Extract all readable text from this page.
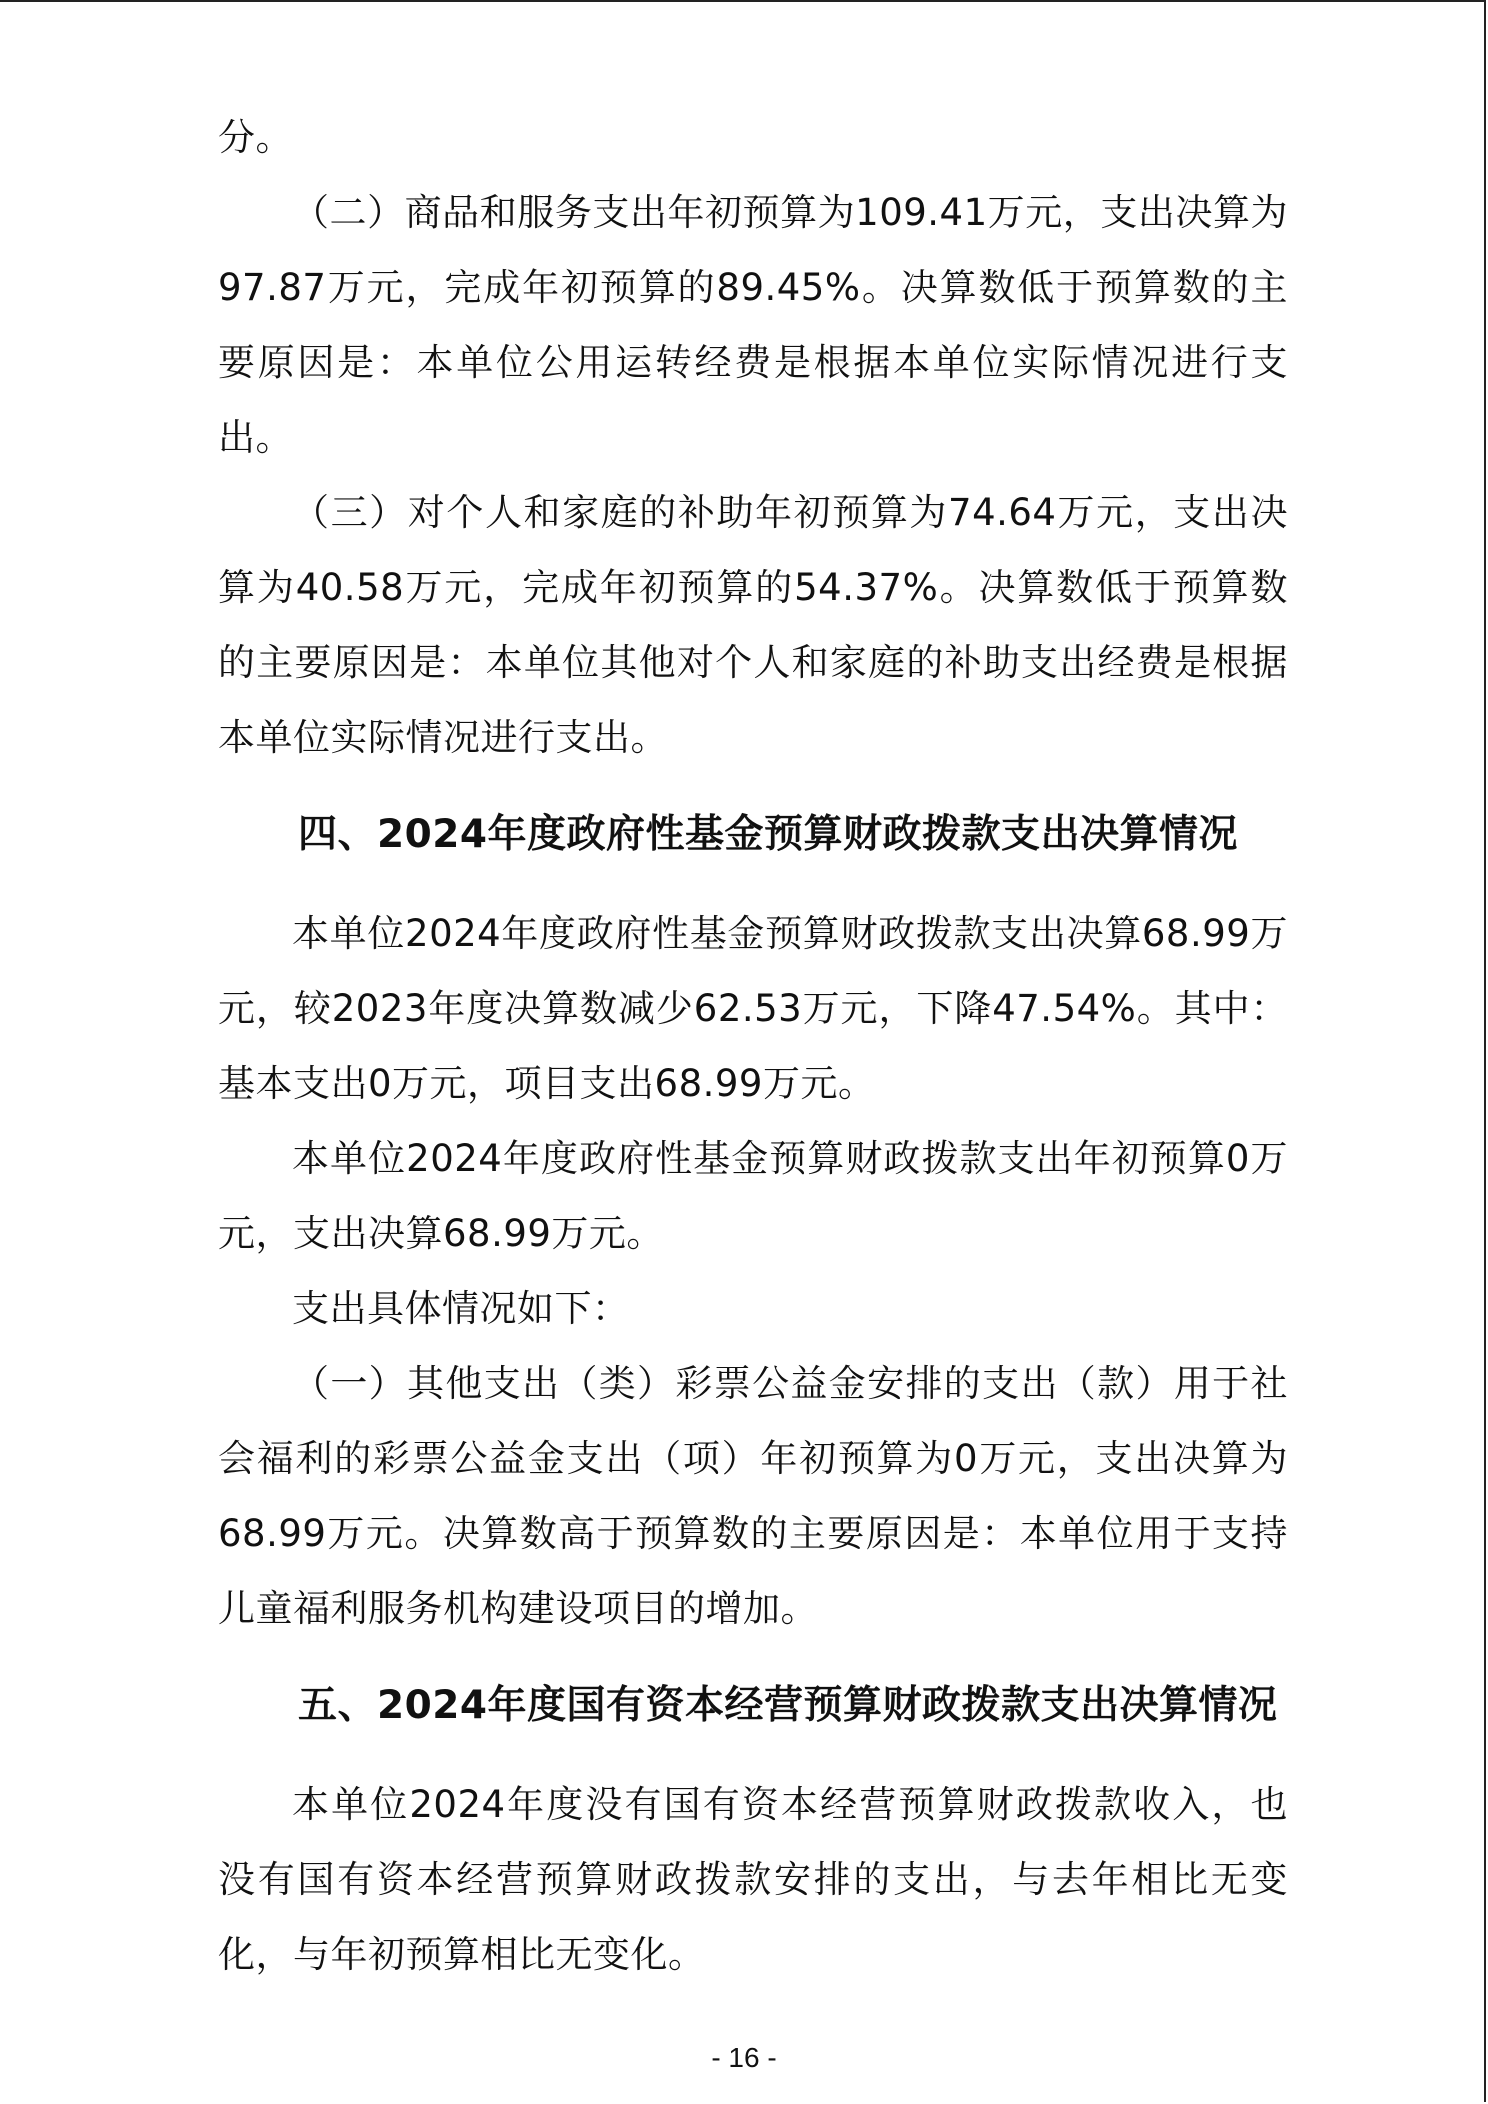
分。

（二）商品和服务支出年初预算为109.41万元，支出决算为97.87万元，完成年初预算的89.45%。决算数低于预算数的主要原因是：本单位公用运转经费是根据本单位实际情况进行支出。

（三）对个人和家庭的补助年初预算为74.64万元，支出决算为40.58万元，完成年初预算的54.37%。决算数低于预算数的主要原因是：本单位其他对个人和家庭的补助支出经费是根据本单位实际情况进行支出。

四、2024年度政府性基金预算财政拨款支出决算情况

本单位2024年度政府性基金预算财政拨款支出决算68.99万元，较2023年度决算数减少62.53万元，下降47.54%。其中：基本支出0万元，项目支出68.99万元。

本单位2024年度政府性基金预算财政拨款支出年初预算0万元，支出决算68.99万元。

支出具体情况如下：

（一）其他支出（类）彩票公益金安排的支出（款）用于社会福利的彩票公益金支出（项）年初预算为0万元，支出决算为68.99万元。决算数高于预算数的主要原因是：本单位用于支持儿童福利服务机构建设项目的增加。

五、2024年度国有资本经营预算财政拨款支出决算情况

本单位2024年度没有国有资本经营预算财政拨款收入，也没有国有资本经营预算财政拨款安排的支出，与去年相比无变化，与年初预算相比无变化。

- 16 -
